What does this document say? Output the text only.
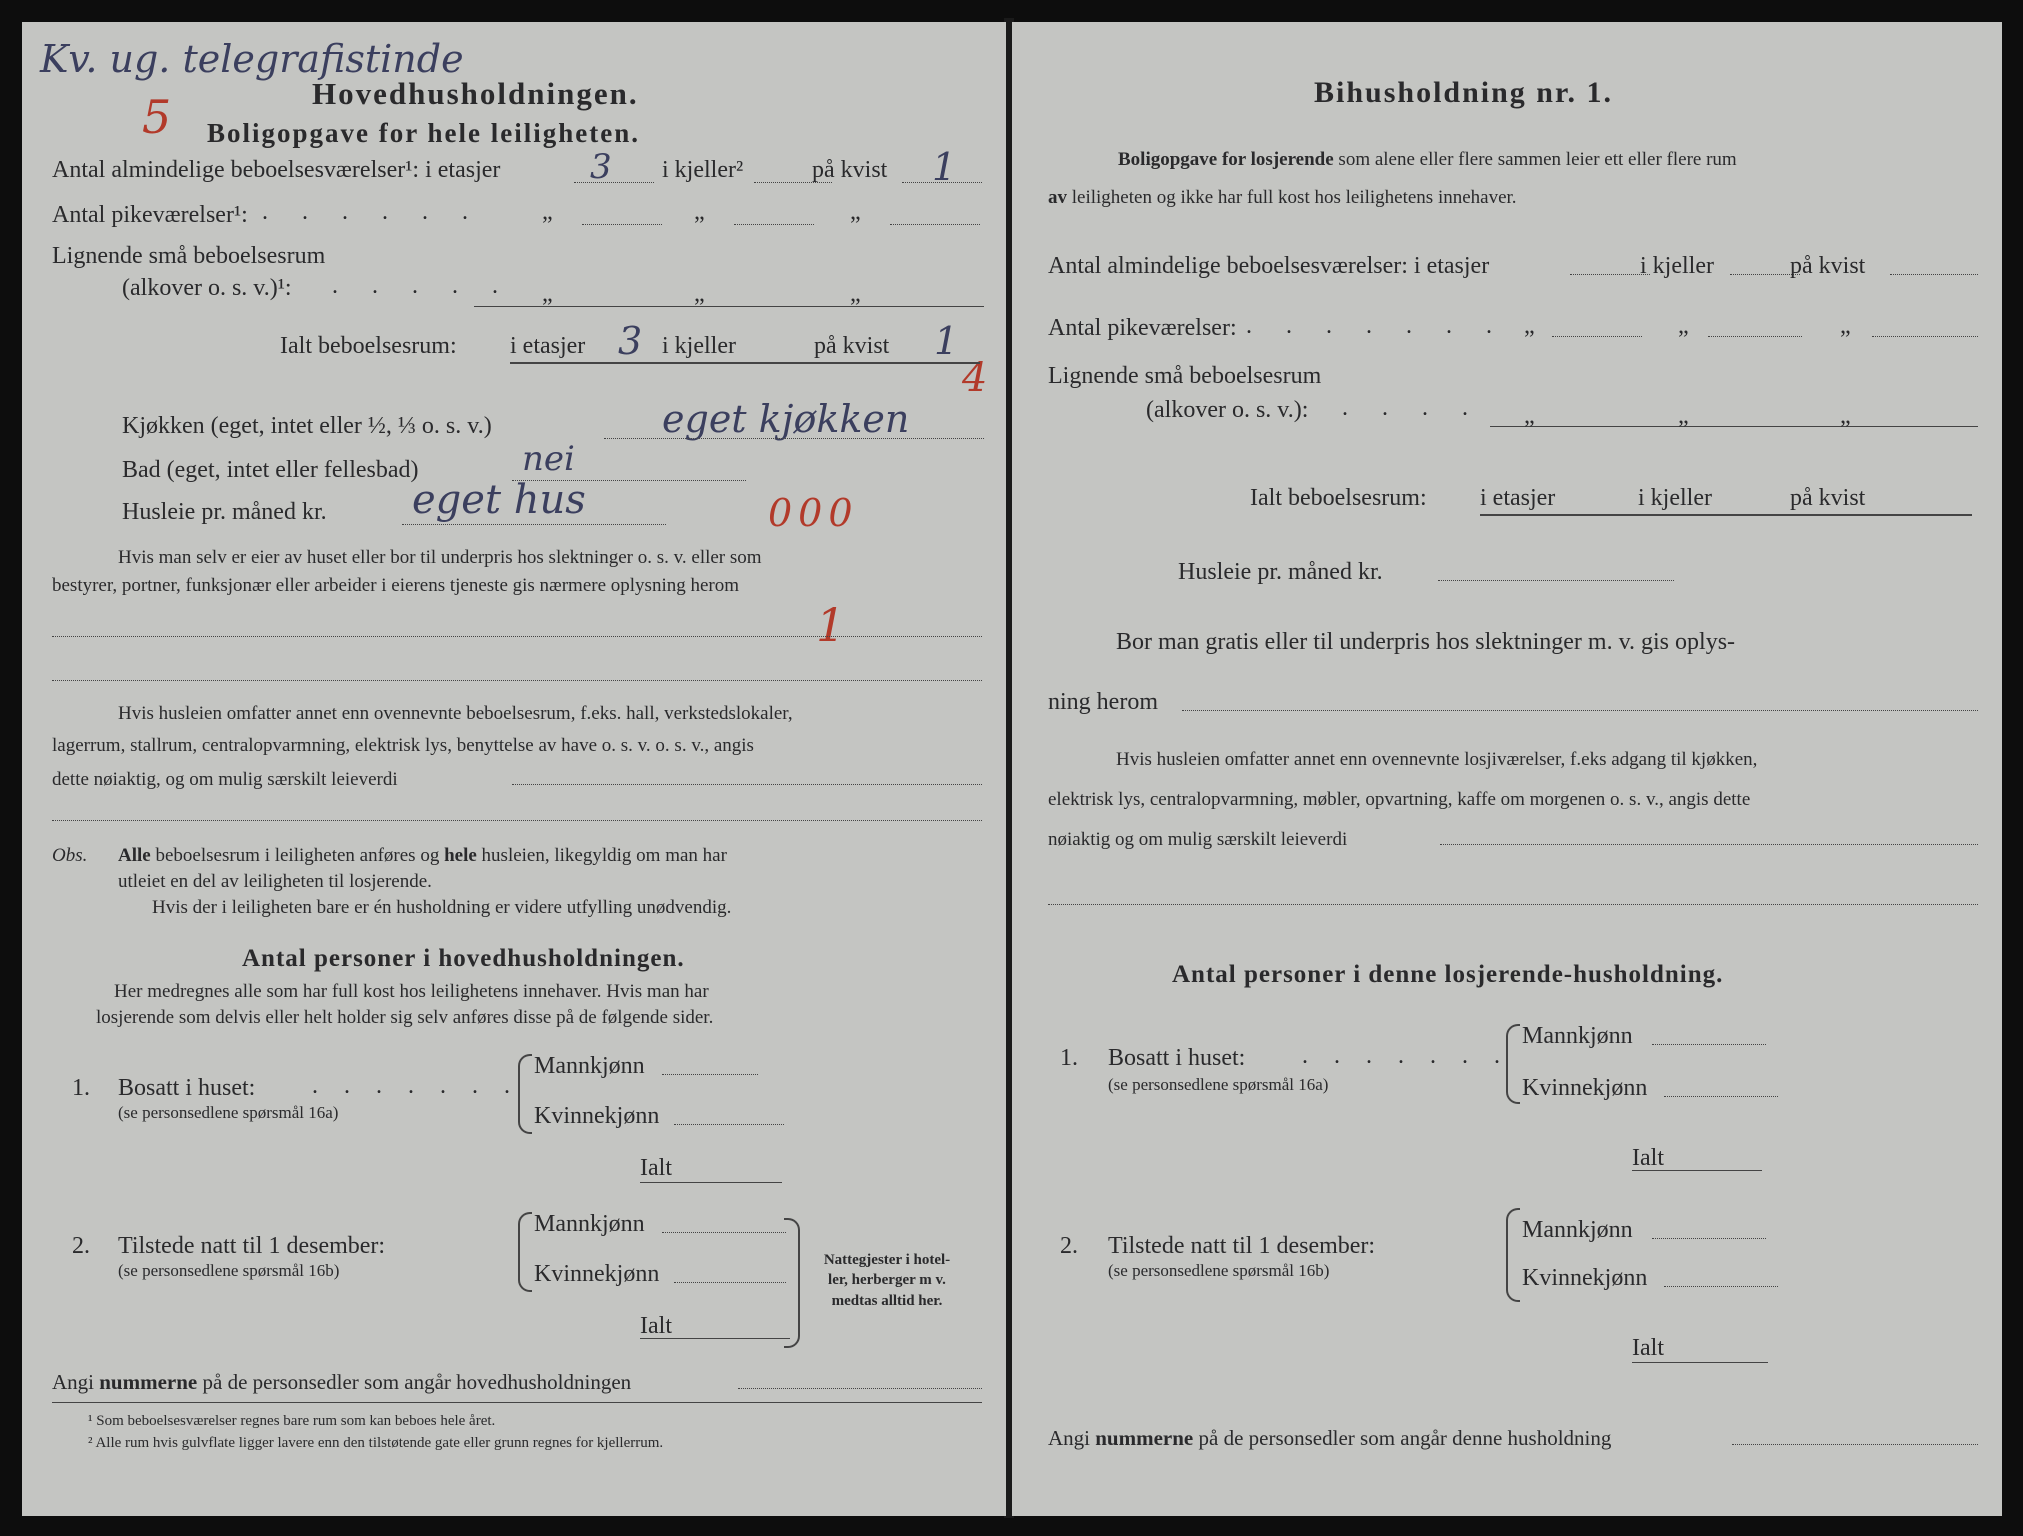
Kv. ug. telegrafistinde
5	Hovedhusholdningen.
Boligopgave for hele leiligheten.
Antal almindelige beboelsesværelser¹: i etasjer	3 i kjeller²	på kvist 1
Antal pikeværelser¹: . . . . . .	„	„	„
Lignende små beboelsesrum
(alkover o. s. v.)¹: . . . . . „	„	„
Ialt beboelsesrum: i etasjer 3 i kjeller	på kvist 1
4
Kjøkken (eget, intet eller ½, ⅓ o. s. v.)	eget kjøkken
Bad (eget, intet eller fellesbad)	nei
Husleie pr. måned kr. eget hus	000
Hvis man selv er eier av huset eller bor til underpris hos slektninger o. s. v. eller som
bestyrer, portner, funksjonær eller arbeider i eierens tjeneste gis nærmere oplysning herom
1
Hvis husleien omfatter annet enn ovennevnte beboelsesrum, f.eks. hall, verkstedslokaler,
lagerrum, stallrum, centralopvarmning, elektrisk lys, benyttelse av have o. s. v. o. s. v., angis
dette nøiaktig, og om mulig særskilt leieverdi
Obs. Alle beboelsesrum i leiligheten anføres og hele husleien, likegyldig om man har
utleiet en del av leiligheten til losjerende.
Hvis der i leiligheten bare er én husholdning er videre utfylling unødvendig.
Antal personer i hovedhusholdningen.
Her medregnes alle som har full kost hos leilighetens innehaver. Hvis man har
losjerende som delvis eller helt holder sig selv anføres disse på de følgende sider.
1. Bosatt i huset: . . . . . . .
(se personsedlene spørsmål 16a)
Mannkjønn
Kvinnekjønn
Ialt
2. Tilstede natt til 1 desember:
(se personsedlene spørsmål 16b)
Mannkjønn
Kvinnekjønn
Ialt
Nattegjester i hotel-
ler, herberger m v.
medtas alltid her.
Angi nummerne på de personsedler som angår hovedhusholdningen
¹ Som beboelsesværelser regnes bare rum som kan beboes hele året.
² Alle rum hvis gulvflate ligger lavere enn den tilstøtende gate eller grunn regnes for kjellerrum.
Bihusholdning nr. 1.
Boligopgave for losjerende som alene eller flere sammen leier ett eller flere rum
av leiligheten og ikke har full kost hos leilighetens innehaver.
Antal almindelige beboelsesværelser: i etasjer	i kjeller	på kvist
Antal pikeværelser: . . . . . . . „	„	„
Lignende små beboelsesrum
(alkover o. s. v.): . . . . „	„	„
Ialt beboelsesrum: i etasjer	i kjeller	på kvist
Husleie pr. måned kr.
Bor man gratis eller til underpris hos slektninger m. v. gis oplys-
ning herom
Hvis husleien omfatter annet enn ovennevnte losjiværelser, f.eks adgang til kjøkken,
elektrisk lys, centralopvarmning, møbler, opvartning, kaffe om morgenen o. s. v., angis dette
nøiaktig og om mulig særskilt leieverdi
Antal personer i denne losjerende-husholdning.
1. Bosatt i huset: . . . . . . .
(se personsedlene spørsmål 16a)
Mannkjønn
Kvinnekjønn
Ialt
2. Tilstede natt til 1 desember:
(se personsedlene spørsmål 16b)
Mannkjønn
Kvinnekjønn
Ialt
Angi nummerne på de personsedler som angår denne husholdning
